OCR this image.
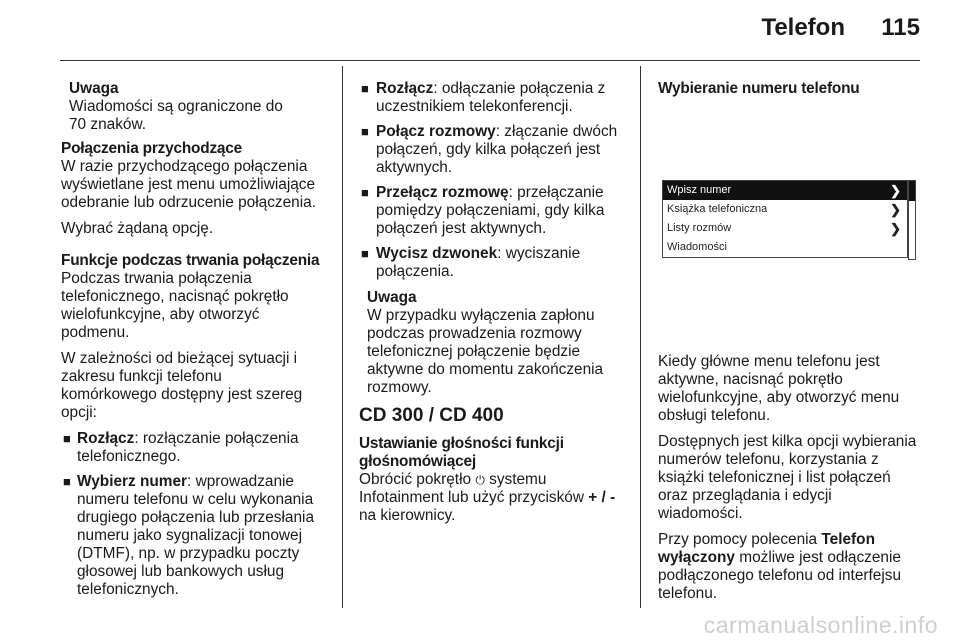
Telefon 115
Uwaga
Wiadomości są ograniczone do 70 znaków.
Połączenia przychodzące

W razie przychodzącego połączenia wyświetlane jest menu umożliwiające odebranie lub odrzucenie połączenia.

Wybrać żądaną opcję.

Funkcje podczas trwania połączenia

Podczas trwania połączenia telefonicznego, nacisnąć pokrętło wielofunkcyjne, aby otworzyć podmenu.

W zależności od bieżącej sytuacji i zakresu funkcji telefonu komórkowego dostępny jest szereg opcji:

■ Rozłącz: rozłączanie połączenia telefonicznego.
■ Wybierz numer: wprowadzanie numeru telefonu w celu wykonania drugiego połączenia lub przesłania numeru jako sygnalizacji tonowej (DTMF), np. w przypadku poczty głosowej lub bankowych usług telefonicznych.
■ Rozłącz: odłączanie połączenia z uczestnikiem telekonferencji.
■ Połącz rozmowy: złączanie dwóch połączeń, gdy kilka połączeń jest aktywnych.
■ Przełącz rozmowę: przełączanie pomiędzy połączeniami, gdy kilka połączeń jest aktywnych.
■ Wycisz dzwonek: wyciszanie połączenia.
Uwaga
W przypadku wyłączenia zapłonu podczas prowadzenia rozmowy telefonicznej połączenie będzie aktywne do momentu zakończenia rozmowy.
CD 300 / CD 400
Ustawianie głośności funkcji głośnomówiącej

Obrócić pokrętło ⏻ systemu Infotainment lub użyć przycisków + / - na kierownicy.

Wybieranie numeru telefonu
Wpisz numer	❯
Książka telefoniczna	❯
Listy rozmów	❯
Wiadomości

Kiedy główne menu telefonu jest aktywne, nacisnąć pokrętło wielofunkcyjne, aby otworzyć menu obsługi telefonu.

Dostępnych jest kilka opcji wybierania numerów telefonu, korzystania z książki telefonicznej i list połączeń oraz przeglądania i edycji wiadomości.

Przy pomocy polecenia Telefon wyłączony możliwe jest odłączenie podłączonego telefonu od interfejsu telefonu.

carmanualsonline.info
